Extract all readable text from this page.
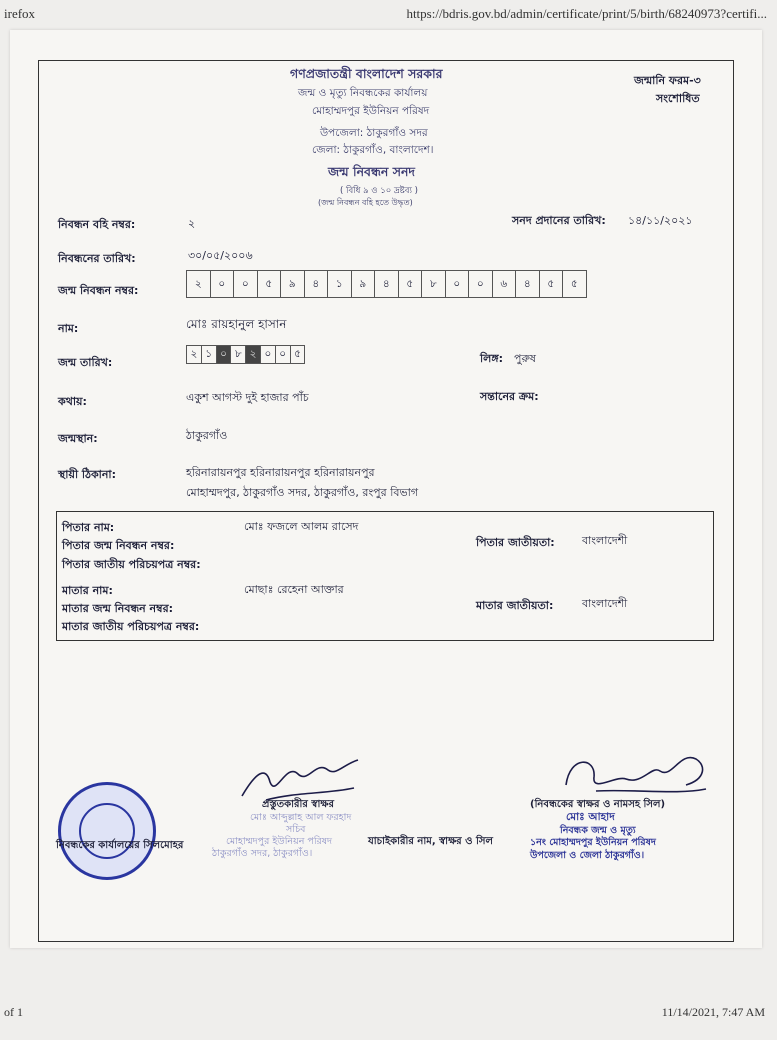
irefox	https://bdris.gov.bd/admin/certificate/print/5/birth/68240973?certifi...
গণপ্রজাতন্ত্রী বাংলাদেশ সরকার
জন্ম ও মৃত্যু নিবন্ধকের কার্যালয়
মোহাম্মদপুর ইউনিয়ন পরিষদ
উপজেলা: ঠাকুরগাঁও সদর
জেলা: ঠাকুরগাঁও, বাংলাদেশ।
জন্ম নিবন্ধন সনদ
( বিধি ৯ ও ১০ দ্রষ্টব্য )
(জন্ম নিবন্ধন বহি হতে উদ্ধৃত)
জন্মানি ফরম-৩
সংশোধিত
নিবন্ধন বহি নম্বর:	২	সনদ প্রদানের তারিখ: ১৪/১১/২০২১
নিবন্ধনের তারিখ:	৩০/০৫/২০০৬
জন্ম নিবন্ধন নম্বর:	২	০	০	৫	৯	৪	১	৯	৪	৫	৮	০	০	৬	৪	৫	৫
নাম:	মোঃ রায়হানুল হাসান
জন্ম তারিখ:
২ ১ ০ ৮ ২ ০ ০ ৫	লিঙ্গ: পুরুষ
কথায়:	একুশ আগস্ট দুই হাজার পাঁচ	সন্তানের ক্রম:
জন্মস্থান:	ঠাকুরগাঁও
স্থায়ী ঠিকানা:	হরিনারায়নপুর হরিনারায়নপুর হরিনারায়নপুর
মোহাম্মদপুর, ঠাকুরগাঁও সদর, ঠাকুরগাঁও, রংপুর বিভাগ
পিতার নাম:	মোঃ ফজলে আলম রাসেদ
পিতার জন্ম নিবন্ধন নম্বর:
পিতার জাতীয় পরিচয়পত্র নম্বর:
পিতার জাতীয়তা: বাংলাদেশী
মাতার নাম:	মোছাঃ রেহেনা আক্তার
মাতার জন্ম নিবন্ধন নম্বর:
মাতার জাতীয় পরিচয়পত্র নম্বর:
মাতার জাতীয়তা:	বাংলাদেশী
প্রস্তুতকারীর স্বাক্ষর
মোঃ আব্দুল্লাহ আল ফরহাদ
সচিব
মোহাম্মদপুর ইউনিয়ন পরিষদ
ঠাকুরগাঁও সদর, ঠাকুরগাঁও।
নিবন্ধকের কার্যালয়ের সিলমোহর	যাচাইকারীর নাম, স্বাক্ষর ও সিল
(নিবন্ধকের স্বাক্ষর ও নামসহ সিল)
মোঃ আহাদ
নিবন্ধক জন্ম ও মৃত্যু
১নং মোহাম্মদপুর ইউনিয়ন পরিষদ
উপজেলা ও জেলা ঠাকুরগাঁও।
of 1	11/14/2021, 7:47 AM
